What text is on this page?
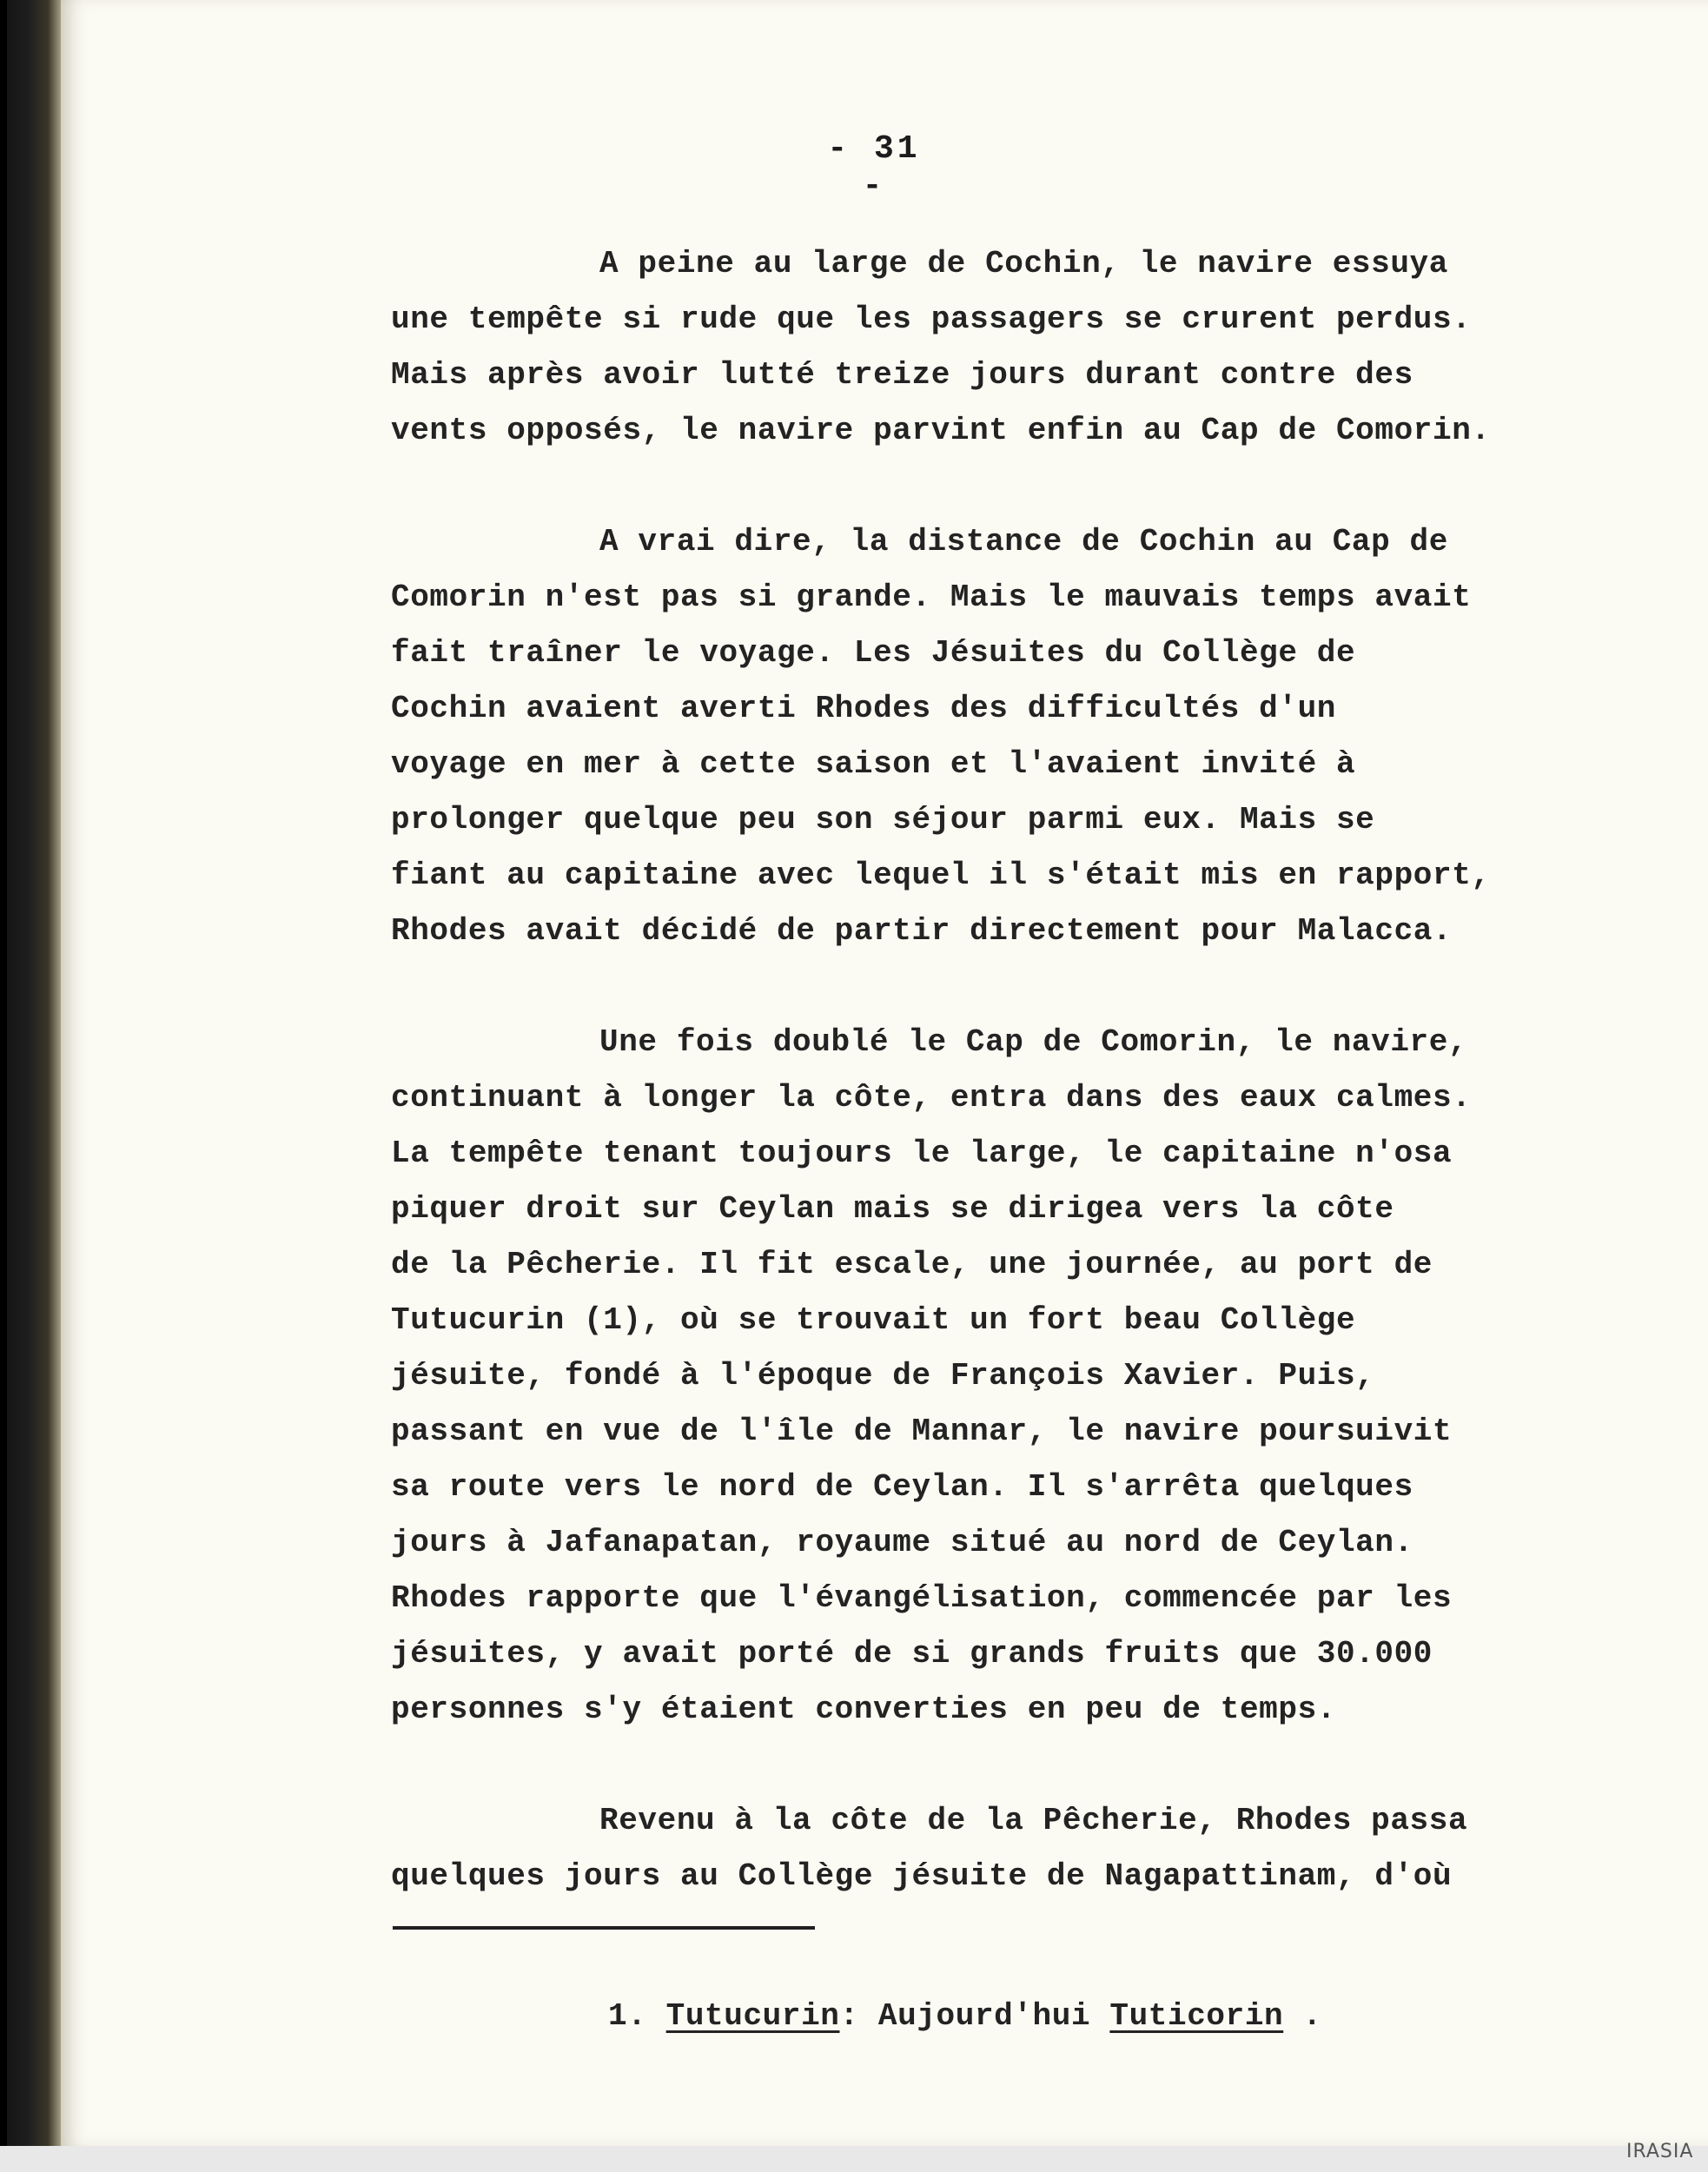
- 31 -
A peine au large de Cochin, le navire essuya
une tempête si rude que les passagers se crurent perdus.
Mais après avoir lutté treize jours durant contre des
vents opposés, le navire parvint enfin au Cap de Comorin.
A vrai dire, la distance de Cochin au Cap de
Comorin n'est pas si grande. Mais le mauvais temps avait
fait traîner le voyage. Les Jésuites du Collège de
Cochin avaient averti Rhodes des difficultés d'un
voyage en mer à cette saison et l'avaient invité à
prolonger quelque peu son séjour parmi eux. Mais se
fiant au capitaine avec lequel il s'était mis en rapport,
Rhodes avait décidé de partir directement pour Malacca.
Une fois doublé le Cap de Comorin, le navire,
continuant à longer la côte, entra dans des eaux calmes.
La tempête tenant toujours le large, le capitaine n'osa
piquer droit sur Ceylan mais se dirigea vers la côte
de la Pêcherie. Il fit escale, une journée, au port de
Tutucurin (1), où se trouvait un fort beau Collège
jésuite, fondé à l'époque de François Xavier. Puis,
passant en vue de l'île de Mannar, le navire poursuivit
sa route vers le nord de Ceylan. Il s'arrêta quelques
jours à Jafanapatan, royaume situé au nord de Ceylan.
Rhodes rapporte que l'évangélisation, commencée par les
jésuites, y avait porté de si grands fruits que 30.000
personnes s'y étaient converties en peu de temps.
Revenu à la côte de la Pêcherie, Rhodes passa
quelques jours au Collège jésuite de Nagapattinam, d'où
1. Tutucurin: Aujourd'hui Tuticorin .
IRASIA
